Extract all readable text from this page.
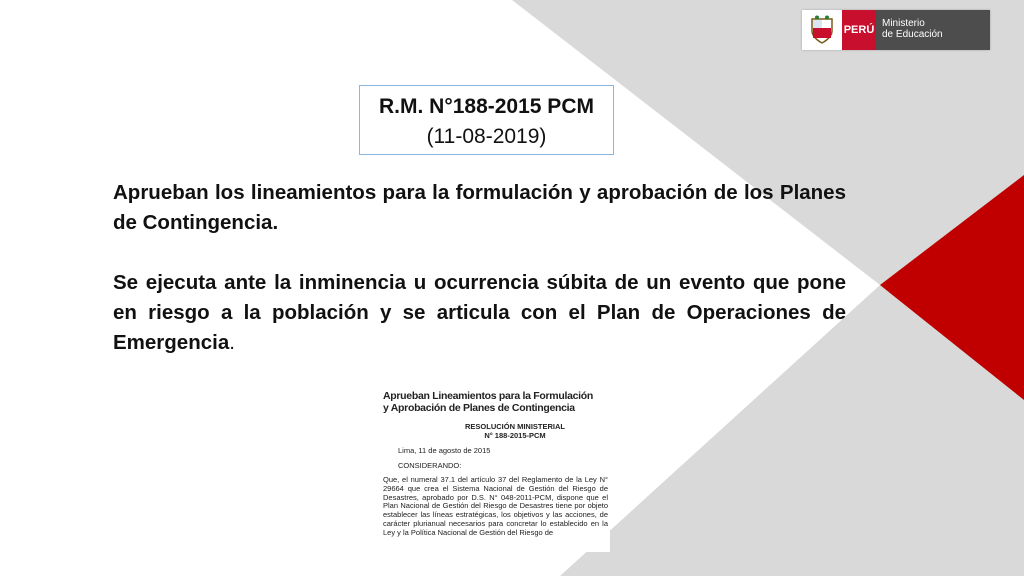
PERÚ
Ministerio
de Educación
R.M. N°188-2015 PCM
(11-08-2019)
Aprueban los lineamientos para la formulación y aprobación de los Planes de Contingencia.
Se ejecuta ante la inminencia u ocurrencia súbita de un evento que pone en riesgo a la población y se articula con el Plan de Operaciones de Emergencia.
Aprueban Lineamientos para la Formulación
y Aprobación de Planes de Contingencia
RESOLUCIÓN MINISTERIAL
N° 188-2015-PCM
Lima, 11 de agosto de 2015
CONSIDERANDO:
Que, el numeral 37.1 del artículo 37 del Reglamento de la Ley N° 29664 que crea el Sistema Nacional de Gestión del Riesgo de Desastres, aprobado por D.S. N° 048-2011-PCM, dispone que el Plan Nacional de Gestión del Riesgo de Desastres tiene por objeto establecer las líneas estratégicas, los objetivos y las acciones, de carácter plurianual necesarios para concretar lo establecido en la Ley y la Política Nacional de Gestión del Riesgo de
